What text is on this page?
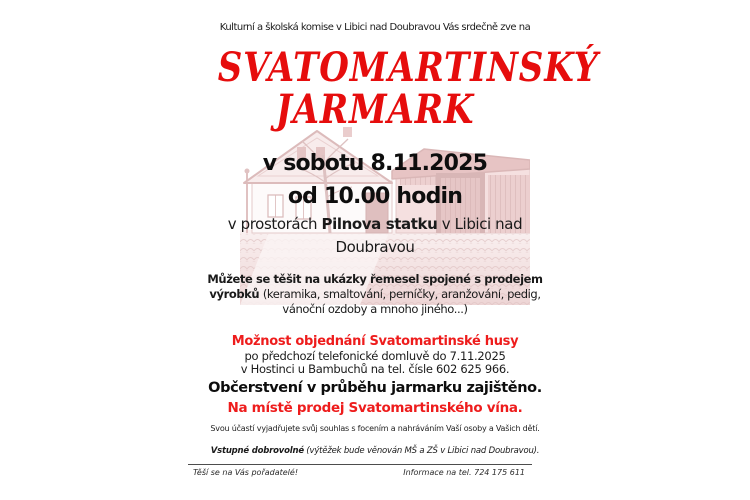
Kulturní a školská komise v Libici nad Doubravou Vás srdečně zve na
SVATOMARTINSKÝ
JARMARK
v sobotu 8.11.2025
od 10.00 hodin
v prostorách Pilnova statku v Libici nad
Doubravou
Můžete se těšit na ukázky řemesel spojené s prodejem
výrobků (keramika, smaltování, perníčky, aranžování, pedig,
vánoční ozdoby a mnoho jiného...)
Možnost objednání Svatomartinské husy
po předchozí telefonické domluvě do 7.11.2025
v Hostinci u Bambuchů na tel. čísle 602 625 966.
Občerstvení v průběhu jarmarku zajištěno.
Na místě prodej Svatomartinského vína.
Svou účastí vyjadřujete svůj souhlas s focením a nahráváním Vaší osoby a Vašich dětí.
Vstupné dobrovolné (výtěžek bude věnován MŠ a ZŠ v Libici nad Doubravou).
Těší se na Vás pořadatelé!	Informace na tel. 724 175 611
